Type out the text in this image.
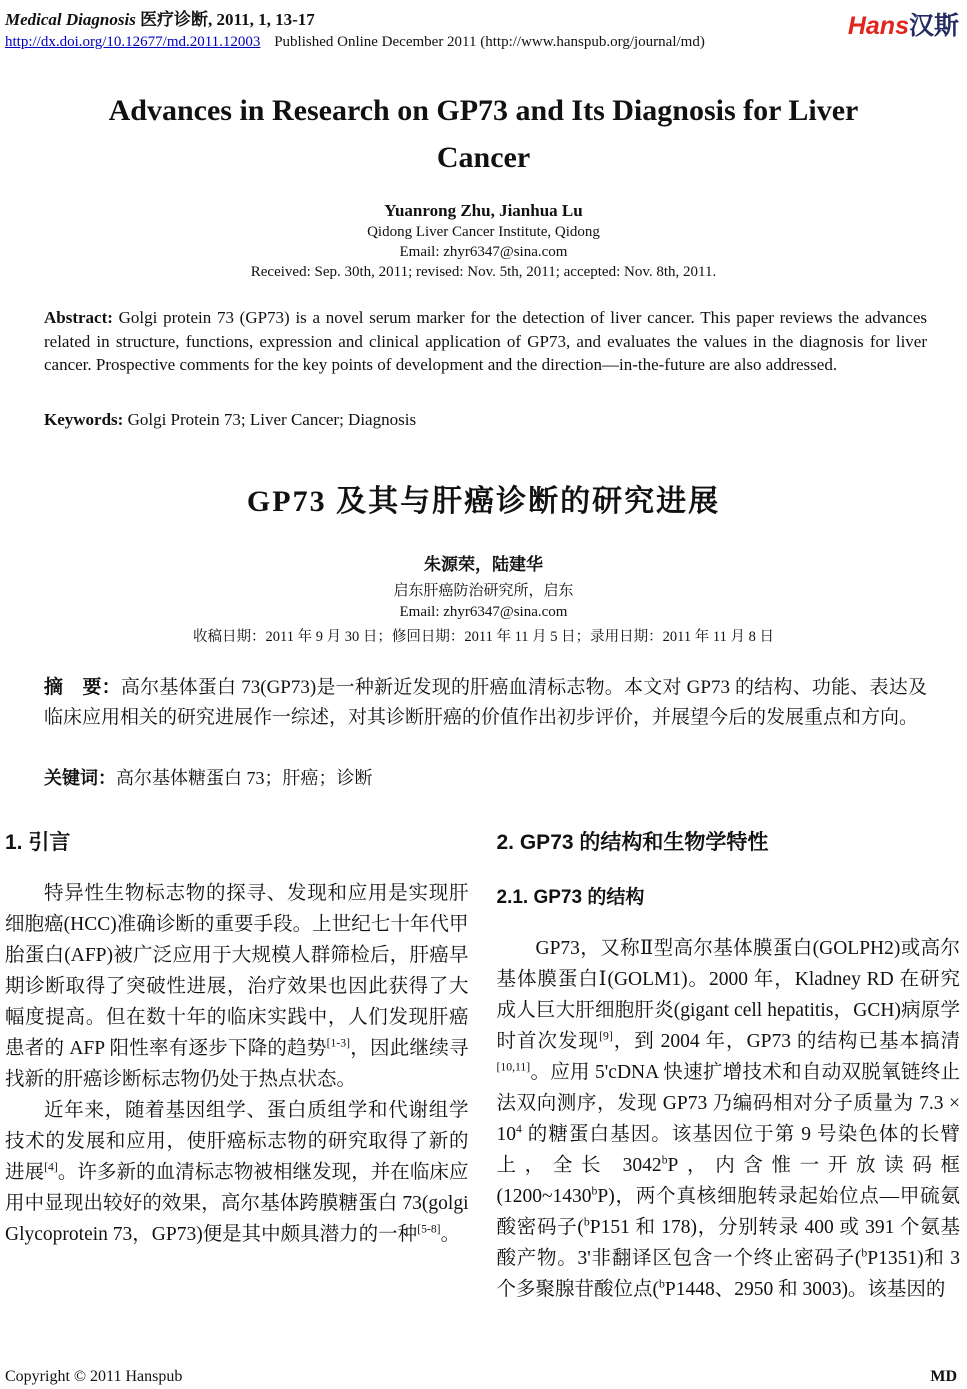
Medical Diagnosis 医疗诊断, 2011, 1, 13-17
http://dx.doi.org/10.12677/md.2011.12003 Published Online December 2011 (http://www.hanspub.org/journal/md)
Hans汉斯
Advances in Research on GP73 and Its Diagnosis for Liver Cancer
Yuanrong Zhu, Jianhua Lu
Qidong Liver Cancer Institute, Qidong
Email: zhyr6347@sina.com
Received: Sep. 30th, 2011; revised: Nov. 5th, 2011; accepted: Nov. 8th, 2011.

Abstract: Golgi protein 73 (GP73) is a novel serum marker for the detection of liver cancer. This paper reviews the advances related in structure, functions, expression and clinical application of GP73, and evaluates the values in the diagnosis for liver cancer. Prospective comments for the key points of development and the direction—in-the-future are also addressed.

Keywords: Golgi Protein 73; Liver Cancer; Diagnosis

GP73 及其与肝癌诊断的研究进展
朱源荣，陆建华
启东肝癌防治研究所，启东
Email: zhyr6347@sina.com
收稿日期：2011 年 9 月 30 日；修回日期：2011 年 11 月 5 日；录用日期：2011 年 11 月 8 日

摘　要：高尔基体蛋白 73(GP73)是一种新近发现的肝癌血清标志物。本文对 GP73 的结构、功能、表达及临床应用相关的研究进展作一综述，对其诊断肝癌的价值作出初步评价，并展望今后的发展重点和方向。

关键词：高尔基体糖蛋白 73；肝癌；诊断

1. 引言

特异性生物标志物的探寻、发现和应用是实现肝细胞癌(HCC)准确诊断的重要手段。上世纪七十年代甲胎蛋白(AFP)被广泛应用于大规模人群筛检后，肝癌早期诊断取得了突破性进展，治疗效果也因此获得了大幅度提高。但在数十年的临床实践中，人们发现肝癌患者的 AFP 阳性率有逐步下降的趋势[1-3]，因此继续寻找新的肝癌诊断标志物仍处于热点状态。

近年来，随着基因组学、蛋白质组学和代谢组学技术的发展和应用，使肝癌标志物的研究取得了新的进展[4]。许多新的血清标志物被相继发现，并在临床应用中显现出较好的效果，高尔基体跨膜糖蛋白 73(golgi Glycoprotein 73，GP73)便是其中颇具潜力的一种[5-8]。

2. GP73 的结构和生物学特性
2.1. GP73 的结构

GP73，又称Ⅱ型高尔基体膜蛋白(GOLPH2)或高尔基体膜蛋白Ⅰ(GOLM1)。2000 年，Kladney RD 在研究成人巨大肝细胞肝炎(gigant cell hepatitis，GCH)病原学时首次发现[9]，到 2004 年，GP73 的结构已基本搞清[10,11]。应用 5'cDNA 快速扩增技术和自动双脱氧链终止法双向测序，发现 GP73 乃编码相对分子质量为 $7.3 \times 10^4$ 的糖蛋白基因。该基因位于第 9 号染色体的长臂上，全长 3042$^b$P，内含惟一开放读码框(1200~1430$^b$P)，两个真核细胞转录起始位点—甲硫氨酸密码子($^b$P151 和 178)，分别转录 400 或 391 个氨基酸产物。3'非翻译区包含一个终止密码子($^b$P1351)和 3 个多聚腺苷酸位点($^b$P1448、2950 和 3003)。该基因的

Copyright © 2011 Hanspub	MD
